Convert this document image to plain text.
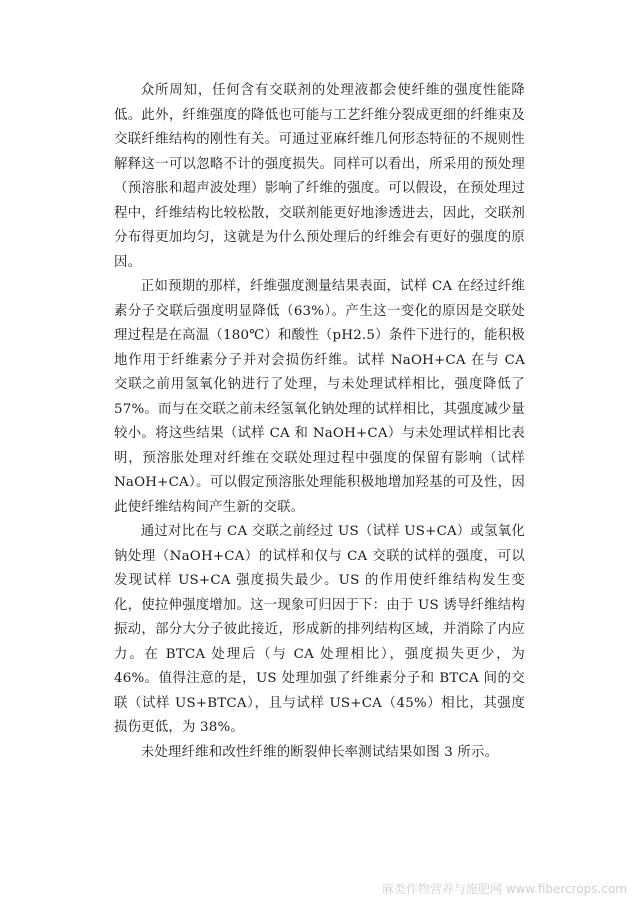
众所周知，任何含有交联剂的处理液都会使纤维的强度性能降低。此外，纤维强度的降低也可能与工艺纤维分裂成更细的纤维束及交联纤维结构的刚性有关。可通过亚麻纤维几何形态特征的不规则性解释这一可以忽略不计的强度损失。同样可以看出，所采用的预处理（预溶胀和超声波处理）影响了纤维的强度。可以假设，在预处理过程中，纤维结构比较松散，交联剂能更好地渗透进去，因此，交联剂分布得更加均匀，这就是为什么预处理后的纤维会有更好的强度的原因。

正如预期的那样，纤维强度测量结果表面，试样 CA 在经过纤维素分子交联后强度明显降低（63%）。产生这一变化的原因是交联处理过程是在高温（180℃）和酸性（pH2.5）条件下进行的，能积极地作用于纤维素分子并对会损伤纤维。试样 NaOH+CA 在与 CA 交联之前用氢氧化钠进行了处理，与未处理试样相比，强度降低了 57%。而与在交联之前未经氢氧化钠处理的试样相比，其强度减少量较小。将这些结果（试样 CA 和 NaOH+CA）与未处理试样相比表明，预溶胀处理对纤维在交联处理过程中强度的保留有影响（试样 NaOH+CA）。可以假定预溶胀处理能积极地增加羟基的可及性，因此使纤维结构间产生新的交联。

通过对比在与 CA 交联之前经过 US（试样 US+CA）或氢氧化钠处理（NaOH+CA）的试样和仅与 CA 交联的试样的强度，可以发现试样 US+CA 强度损失最少。US 的作用使纤维结构发生变化，使拉伸强度增加。这一现象可归因于下：由于 US 诱导纤维结构振动，部分大分子彼此接近，形成新的排列结构区域，并消除了内应力。在 BTCA 处理后（与 CA 处理相比），强度损失更少，为 46%。值得注意的是，US 处理加强了纤维素分子和 BTCA 间的交联（试样 US+BTCA），且与试样 US+CA（45%）相比，其强度损伤更低，为 38%。

未处理纤维和改性纤维的断裂伸长率测试结果如图 3 所示。

麻类作物营养与施肥网 www.fibercrops.com
